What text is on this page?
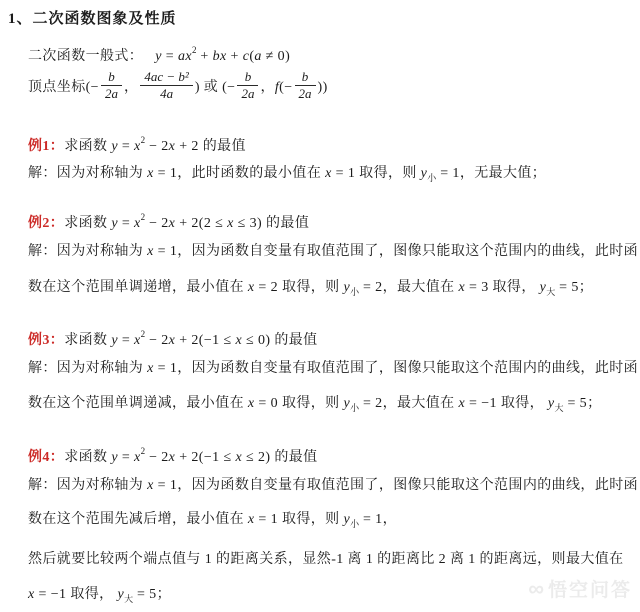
1、二次函数图象及性质
二次函数一般式： $y = ax^2$ + bx + c(a ≠ 0)
顶点坐标(− $\frac{b}{2a}$ ， $\frac{\text{4ac − b²}}{4a}$ ) 或 (− $\frac{b}{2a}$ ，$f(- \frac{b}{2a}$ ))
例1：求函数 $y = x^2 - 2x + 2$ 的最值
解：因为对称轴为 x = 1，此时函数的最小值在 x = 1 取得，则 $y_小 = 1$，无最大值；
例2：求函数 $y = x^2 - 2x + 2(2 \le x \le 3)$ 的最值
解：因为对称轴为 x = 1，因为函数自变量有取值范围了，图像只能取这个范围内的曲线，此时函
数在这个范围单调递增，最小值在 x = 2 取得，则 $y_小 = 2$，最大值在 x = 3 取得， $y_大 = 5$；
例3：求函数 $y = x^2 - 2x + 2(-1 \le x \le 0)$ 的最值
解：因为对称轴为 x = 1，因为函数自变量有取值范围了，图像只能取这个范围内的曲线，此时函
数在这个范围单调递减，最小值在 x = 0 取得，则 $y_小 = 2$，最大值在 x = −1 取得， $y_大 = 5$；
例4：求函数 $y = x^2 - 2x + 2(-1 \le x \le 2)$ 的最值
解：因为对称轴为 x = 1，因为函数自变量有取值范围了，图像只能取这个范围内的曲线，此时函
数在这个范围先减后增，最小值在 x = 1 取得，则 $y_小 = 1$，
然后就要比较两个端点值与 1 的距离关系，显然-1 离 1 的距离比 2 离 1 的距离远，则最大值在
x = −1 取得， $y_大 = 5$；	∞ 悟空问答
